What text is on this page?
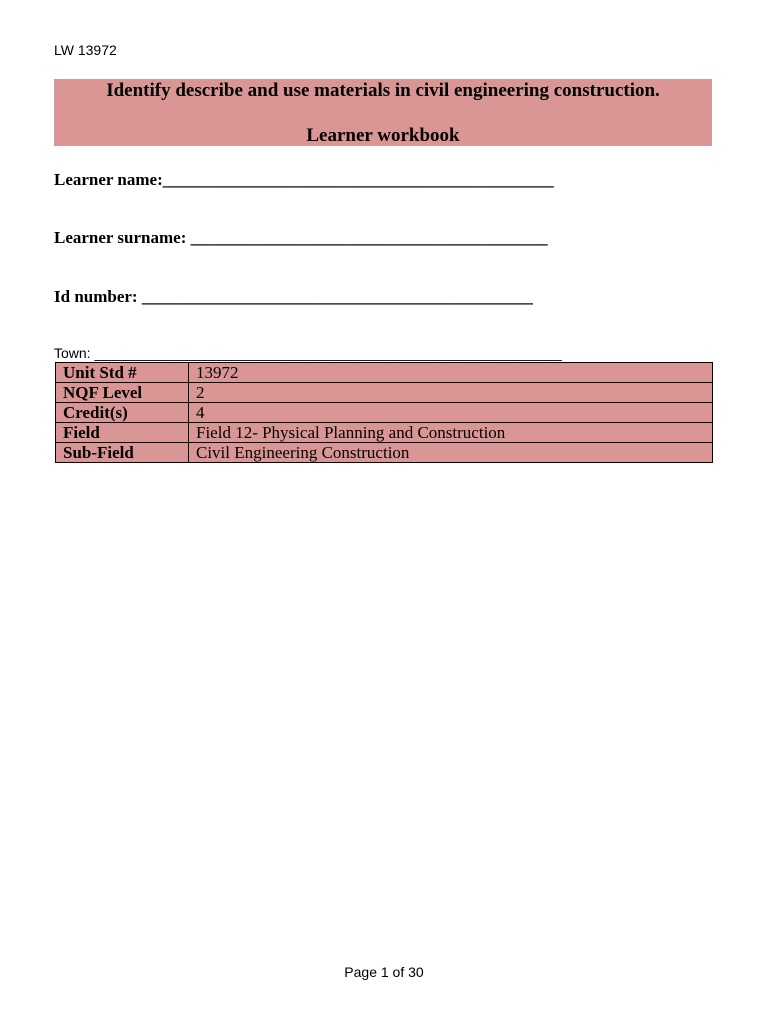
LW 13972
Identify describe and use materials in civil engineering construction.
Learner workbook
Learner name:______________________________________________
Learner surname: __________________________________________
Id number: ______________________________________________
Town: ____________________________________________________________
Unit Std #	13972
NQF Level	2
Credit(s)	4
Field	Field 12- Physical Planning and Construction
Sub-Field	Civil Engineering Construction
Page 1 of 30
